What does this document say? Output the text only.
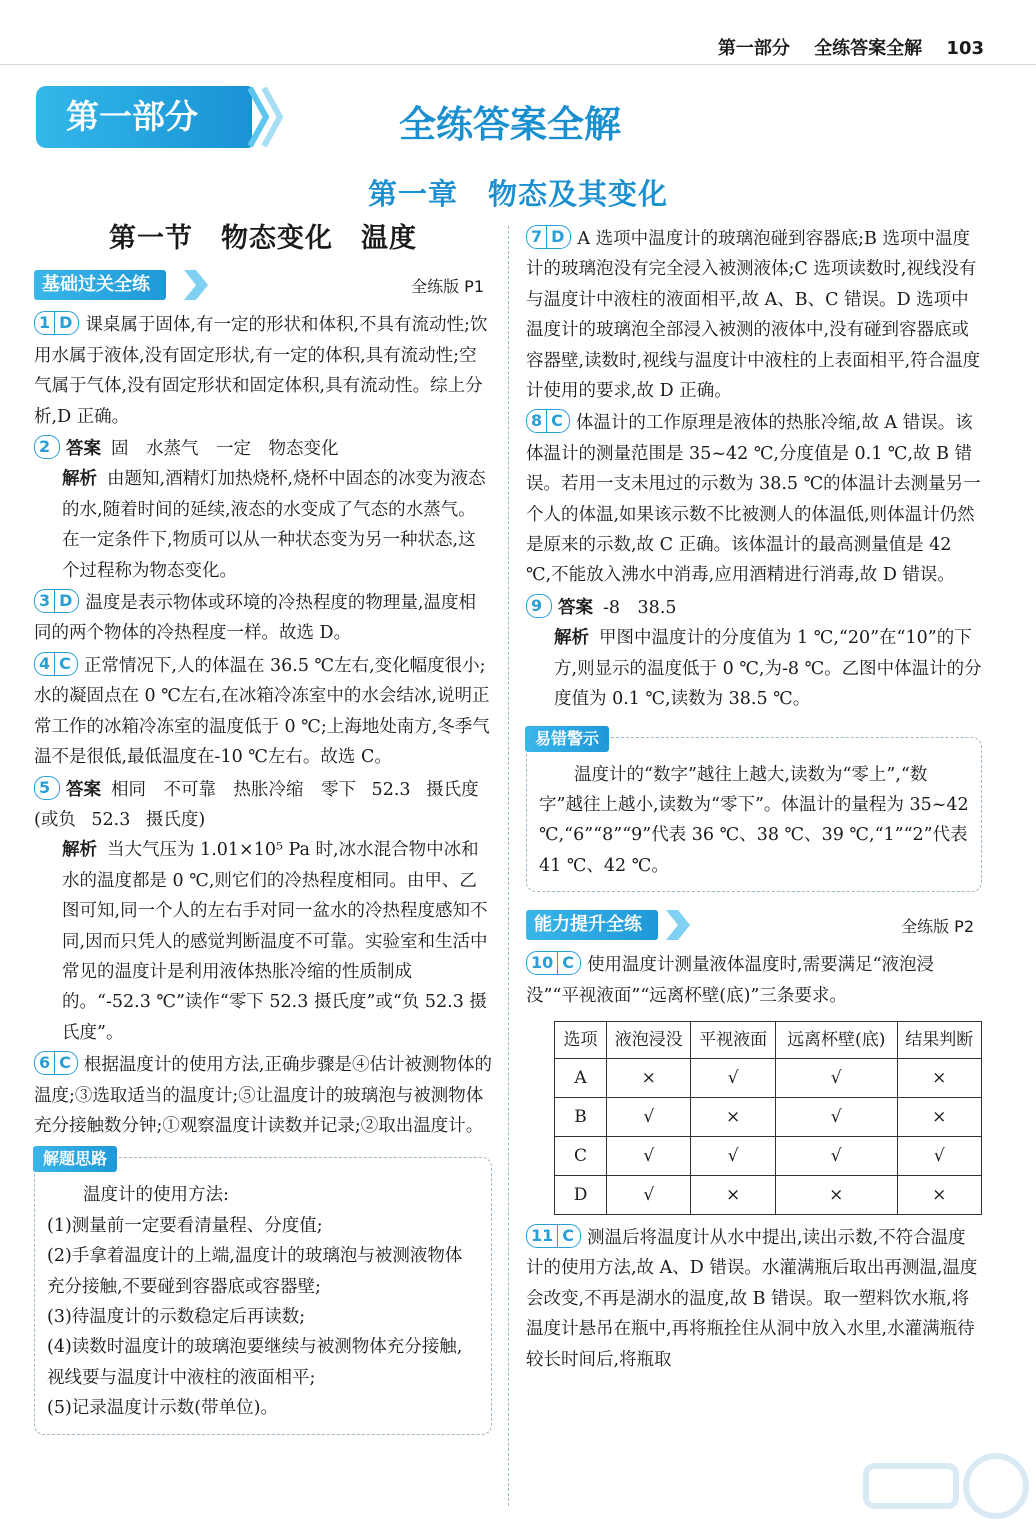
第一部分 全练答案全解 103
第一部分	全练答案全解
第一章　物态及其变化
第一节　物态变化　温度
基础过关全练	全练版 P1
1 D 课桌属于固体,有一定的形状和体积,不具有流动性;饮用水属于液体,没有固定形状,有一定的体积,具有流动性;空气属于气体,没有固定形状和固定体积,具有流动性。综上分析,D 正确。
2 答案 固　水蒸气　一定　物态变化
解析 由题知,酒精灯加热烧杯,烧杯中固态的冰变为液态的水,随着时间的延续,液态的水变成了气态的水蒸气。在一定条件下,物质可以从一种状态变为另一种状态,这个过程称为物态变化。
3 D 温度是表示物体或环境的冷热程度的物理量,温度相同的两个物体的冷热程度一样。故选 D。
4 C 正常情况下,人的体温在 36.5 ℃左右,变化幅度很小;水的凝固点在 0 ℃左右,在冰箱冷冻室中的水会结冰,说明正常工作的冰箱冷冻室的温度低于 0 ℃;上海地处南方,冬季气温不是很低,最低温度在-10 ℃左右。故选 C。
5 答案 相同　不可靠　热胀冷缩　零下 52.3 摄氏度(或负 52.3 摄氏度)
解析 当大气压为 1.01×10⁵ Pa 时,冰水混合物中冰和水的温度都是 0 ℃,则它们的冷热程度相同。由甲、乙图可知,同一个人的左右手对同一盆水的冷热程度感知不同,因而只凭人的感觉判断温度不可靠。实验室和生活中常见的温度计是利用液体热胀冷缩的性质制成的。“-52.3 ℃”读作“零下 52.3 摄氏度”或“负 52.3 摄氏度”。
6 C 根据温度计的使用方法,正确步骤是④估计被测物体的温度;③选取适当的温度计;⑤让温度计的玻璃泡与被测物体充分接触数分钟;①观察温度计读数并记录;②取出温度计。
解题思路
温度计的使用方法:
(1)测量前一定要看清量程、分度值;
(2)手拿着温度计的上端,温度计的玻璃泡与被测液物体充分接触,不要碰到容器底或容器壁;
(3)待温度计的示数稳定后再读数;
(4)读数时温度计的玻璃泡要继续与被测物体充分接触,视线要与温度计中液柱的液面相平;
(5)记录温度计示数(带单位)。
7 D A 选项中温度计的玻璃泡碰到容器底;B 选项中温度计的玻璃泡没有完全浸入被测液体;C 选项读数时,视线没有与温度计中液柱的液面相平,故 A、B、C 错误。D 选项中温度计的玻璃泡全部浸入被测的液体中,没有碰到容器底或容器壁,读数时,视线与温度计中液柱的上表面相平,符合温度计使用的要求,故 D 正确。
8 C 体温计的工作原理是液体的热胀冷缩,故 A 错误。该体温计的测量范围是 35~42 ℃,分度值是 0.1 ℃,故 B 错误。若用一支未甩过的示数为 38.5 ℃的体温计去测量另一个人的体温,如果该示数不比被测人的体温低,则体温计仍然是原来的示数,故 C 正确。该体温计的最高测量值是 42 ℃,不能放入沸水中消毒,应用酒精进行消毒,故 D 错误。
9 答案 -8　38.5
解析 甲图中温度计的分度值为 1 ℃,“20”在“10”的下方,则显示的温度低于 0 ℃,为-8 ℃。乙图中体温计的分度值为 0.1 ℃,读数为 38.5 ℃。
易错警示
温度计的“数字”越往上越大,读数为“零上”,“数字”越往上越小,读数为“零下”。体温计的量程为 35~42 ℃,“6”“8”“9”代表 36 ℃、38 ℃、39 ℃,“1”“2”代表 41 ℃、42 ℃。
能力提升全练	全练版 P2
10 C 使用温度计测量液体温度时,需要满足“液泡浸没”“平视液面”“远离杯壁(底)”三条要求。
选项	液泡浸没	平视液面	远离杯壁(底)	结果判断
A	×	√	√	×
B	√	×	√	×
C	√	√	√	√
D	√	×	×	×
11 C 测温后将温度计从水中提出,读出示数,不符合温度计的使用方法,故 A、D 错误。水灌满瓶后取出再测温,温度会改变,不再是湖水的温度,故 B 错误。取一塑料饮水瓶,将温度计悬吊在瓶中,再将瓶拴住从洞中放入水里,水灌满瓶待较长时间后,将瓶取
